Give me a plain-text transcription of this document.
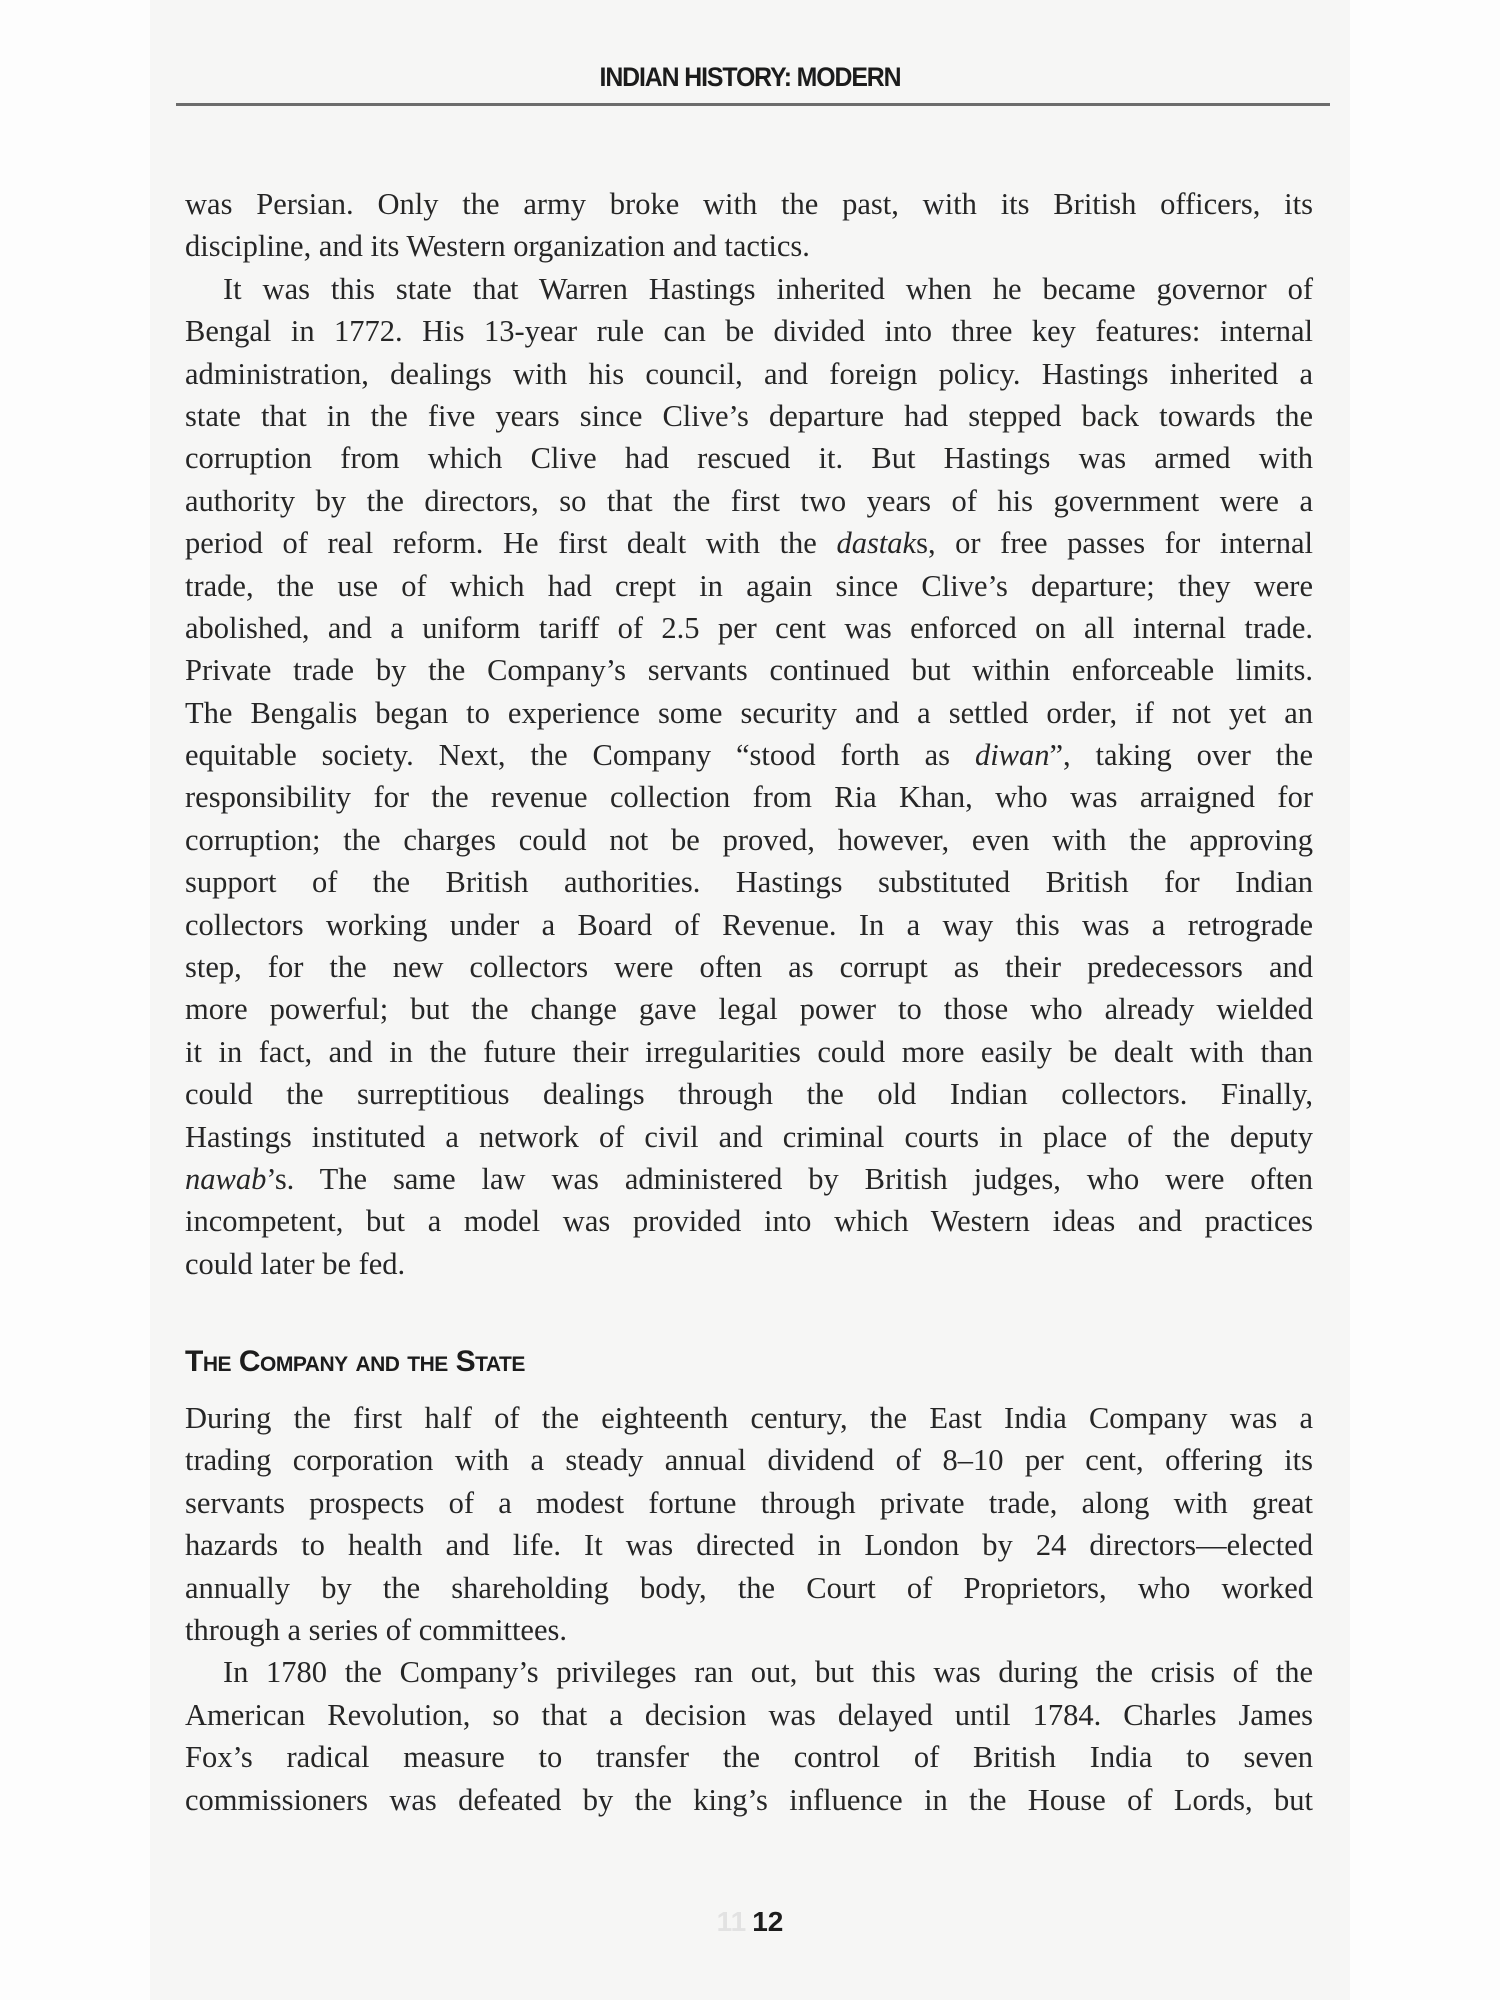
INDIAN HISTORY: MODERN
was Persian. Only the army broke with the past, with its British officers, its
discipline, and its Western organization and tactics.
It was this state that Warren Hastings inherited when he became governor of
Bengal in 1772. His 13-year rule can be divided into three key features: internal
administration, dealings with his council, and foreign policy. Hastings inherited a
state that in the five years since Clive’s departure had stepped back towards the
corruption from which Clive had rescued it. But Hastings was armed with
authority by the directors, so that the first two years of his government were a
period of real reform. He first dealt with the dastaks, or free passes for internal
trade, the use of which had crept in again since Clive’s departure; they were
abolished, and a uniform tariff of 2.5 per cent was enforced on all internal trade.
Private trade by the Company’s servants continued but within enforceable limits.
The Bengalis began to experience some security and a settled order, if not yet an
equitable society. Next, the Company “stood forth as diwan”, taking over the
responsibility for the revenue collection from Ria Khan, who was arraigned for
corruption; the charges could not be proved, however, even with the approving
support of the British authorities. Hastings substituted British for Indian
collectors working under a Board of Revenue. In a way this was a retrograde
step, for the new collectors were often as corrupt as their predecessors and
more powerful; but the change gave legal power to those who already wielded
it in fact, and in the future their irregularities could more easily be dealt with than
could the surreptitious dealings through the old Indian collectors. Finally,
Hastings instituted a network of civil and criminal courts in place of the deputy
nawab’s. The same law was administered by British judges, who were often
incompetent, but a model was provided into which Western ideas and practices
could later be fed.
The Company and the State
During the first half of the eighteenth century, the East India Company was a
trading corporation with a steady annual dividend of 8–10 per cent, offering its
servants prospects of a modest fortune through private trade, along with great
hazards to health and life. It was directed in London by 24 directors—elected
annually by the shareholding body, the Court of Proprietors, who worked
through a series of committees.
In 1780 the Company’s privileges ran out, but this was during the crisis of the
American Revolution, so that a decision was delayed until 1784. Charles James
Fox’s radical measure to transfer the control of British India to seven
commissioners was defeated by the king’s influence in the House of Lords, but
11 12
